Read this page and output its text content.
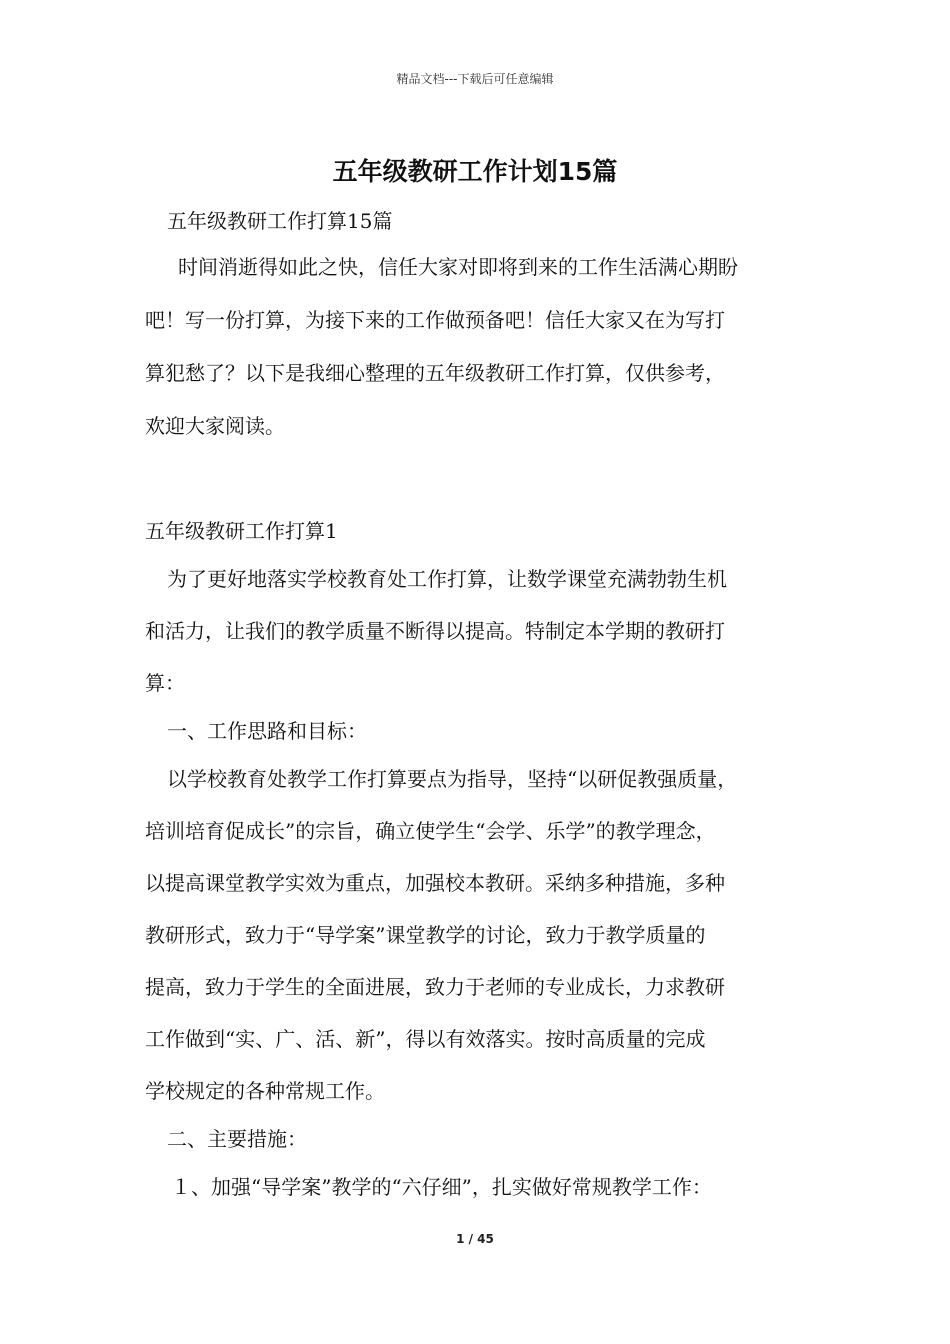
精品文档---下载后可任意编辑
五年级教研工作计划15篇
五年级教研工作打算15篇
时间消逝得如此之快，信任大家对即将到来的工作生活满心期盼
吧！写一份打算，为接下来的工作做预备吧！信任大家又在为写打
算犯愁了？以下是我细心整理的五年级教研工作打算，仅供参考，
欢迎大家阅读。
五年级教研工作打算1
为了更好地落实学校教育处工作打算，让数学课堂充满勃勃生机
和活力，让我们的教学质量不断得以提高。特制定本学期的教研打
算：
一、工作思路和目标：
以学校教育处教学工作打算要点为指导，坚持“以研促教强质量，
培训培育促成长”的宗旨，确立使学生“会学、乐学”的教学理念，
以提高课堂教学实效为重点，加强校本教研。采纳多种措施，多种
教研形式，致力于“导学案”课堂教学的讨论，致力于教学质量的
提高，致力于学生的全面进展，致力于老师的专业成长，力求教研
工作做到“实、广、活、新”，得以有效落实。按时高质量的完成
学校规定的各种常规工作。
二、主要措施：
１、加强“导学案”教学的“六仔细”，扎实做好常规教学工作：
1 / 45
